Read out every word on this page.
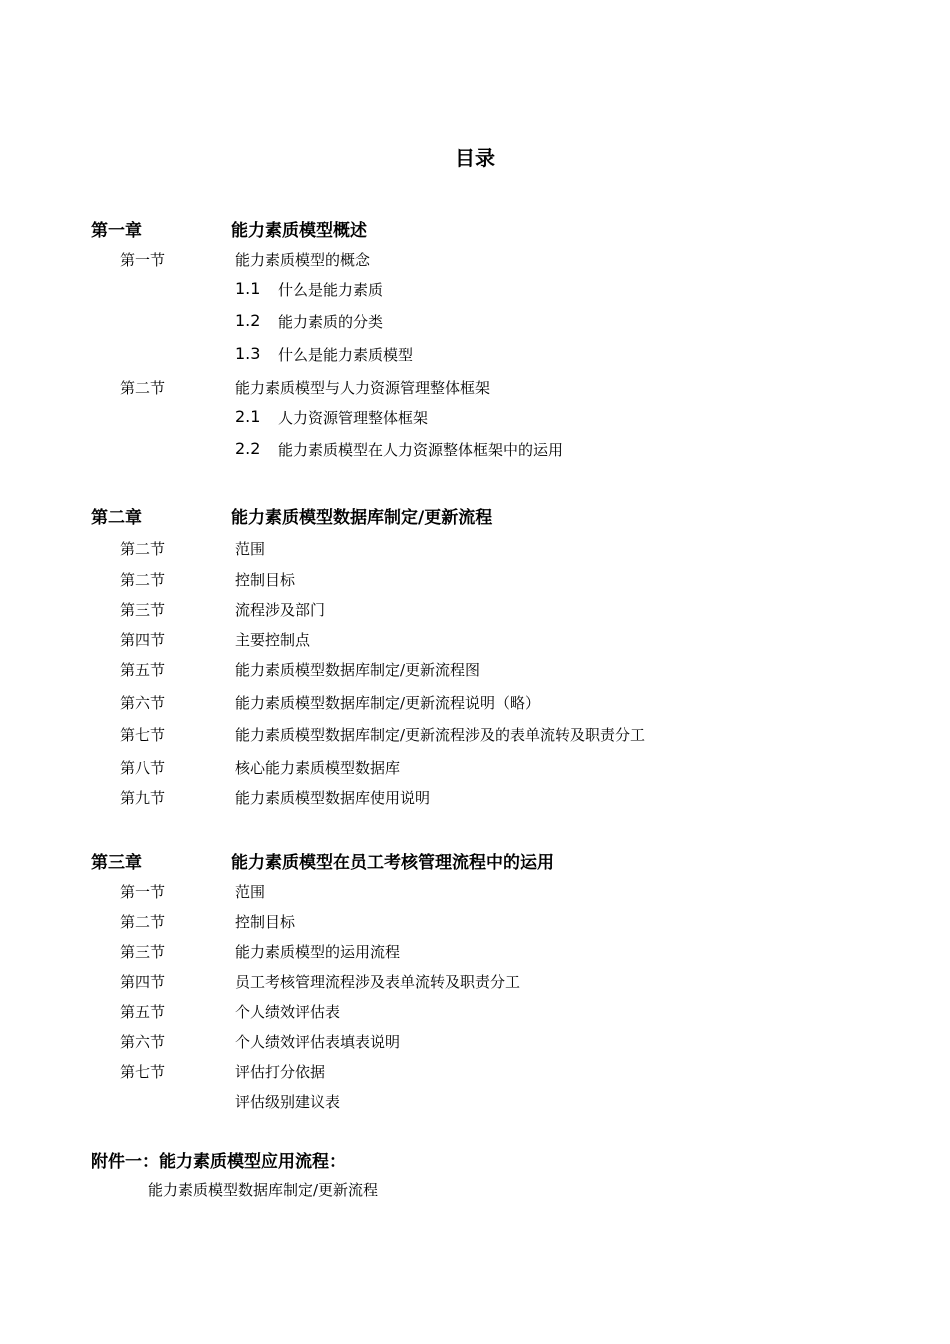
目录
第一章	能力素质模型概述
第一节	能力素质模型的概念
1.1 什么是能力素质
1.2 能力素质的分类
1.3 什么是能力素质模型
第二节	能力素质模型与人力资源管理整体框架
2.1 人力资源管理整体框架
2.2 能力素质模型在人力资源整体框架中的运用
第二章	能力素质模型数据库制定/更新流程
第二节	范围
第二节	控制目标
第三节	流程涉及部门
第四节	主要控制点
第五节	能力素质模型数据库制定/更新流程图
第六节	能力素质模型数据库制定/更新流程说明（略）
第七节	能力素质模型数据库制定/更新流程涉及的表单流转及职责分工
第八节	核心能力素质模型数据库
第九节	能力素质模型数据库使用说明
第三章	能力素质模型在员工考核管理流程中的运用
第一节	范围
第二节	控制目标
第三节	能力素质模型的运用流程
第四节	员工考核管理流程涉及表单流转及职责分工
第五节	个人绩效评估表
第六节	个人绩效评估表填表说明
第七节	评估打分依据
评估级别建议表
附件一：能力素质模型应用流程：
能力素质模型数据库制定/更新流程
